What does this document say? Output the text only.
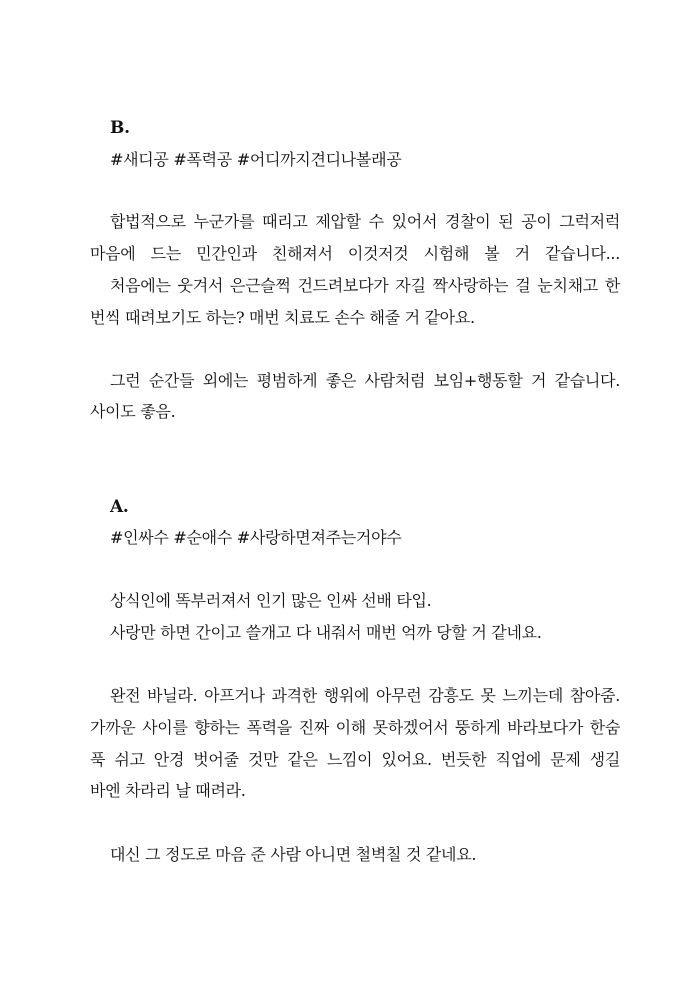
B.
#새디공 #폭력공 #어디까지견디나볼래공
합법적으로 누군가를 때리고 제압할 수 있어서 경찰이 된 공이 그럭저럭
마음에 드는 민간인과 친해져서 이것저것 시험해 볼 거 같습니다...
처음에는 웃겨서 은근슬쩍 건드려보다가 자길 짝사랑하는 걸 눈치채고 한
번씩 때려보기도 하는? 매번 치료도 손수 해줄 거 같아요.
그런 순간들 외에는 평범하게 좋은 사람처럼 보임+행동할 거 같습니다.
사이도 좋음.
A.
#인싸수 #순애수 #사랑하면져주는거야수
상식인에 똑부러져서 인기 많은 인싸 선배 타입.
사랑만 하면 간이고 쓸개고 다 내줘서 매번 억까 당할 거 같네요.
완전 바닐라. 아프거나 과격한 행위에 아무런 감흥도 못 느끼는데 참아줌.
가까운 사이를 향하는 폭력을 진짜 이해 못하겠어서 뚱하게 바라보다가 한숨
푹 쉬고 안경 벗어줄 것만 같은 느낌이 있어요. 번듯한 직업에 문제 생길
바엔 차라리 날 때려라.
대신 그 정도로 마음 준 사람 아니면 철벽칠 것 같네요.
